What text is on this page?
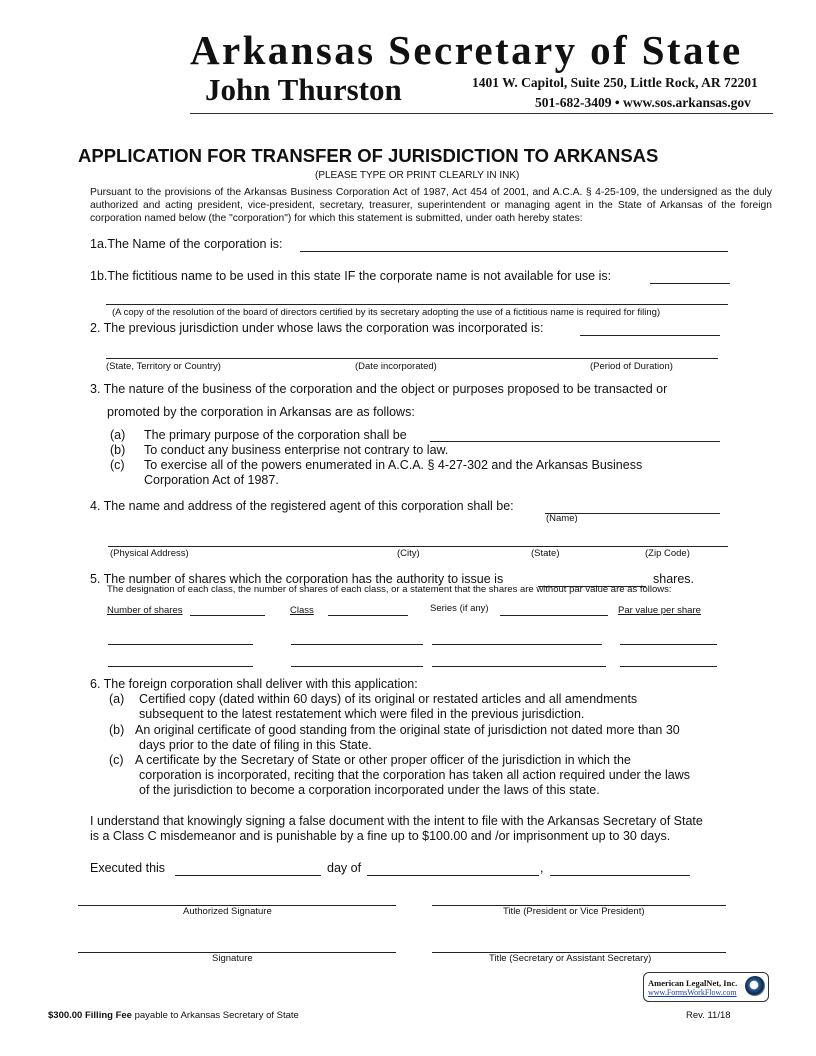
Arkansas Secretary of State
John Thurston	1401 W. Capitol, Suite 250, Little Rock, AR 72201
501-682-3409 • www.sos.arkansas.gov
APPLICATION FOR TRANSFER OF JURISDICTION TO ARKANSAS
(PLEASE TYPE OR PRINT CLEARLY IN INK)

Pursuant to the provisions of the Arkansas Business Corporation Act of 1987, Act 454 of 2001, and A.C.A. § 4-25-109, the undersigned as the duly authorized and acting president, vice-president, secretary, treasurer, superintendent or managing agent in the State of Arkansas of the foreign corporation named below (the "corporation") for which this statement is submitted, under oath hereby states:

1a.The Name of the corporation is:
1b.The fictitious name to be used in this state IF the corporate name is not available for use is:
(A copy of the resolution of the board of directors certified by its secretary adopting the use of a fictitious name is required for filing)
2. The previous jurisdiction under whose laws the corporation was incorporated is:
(State, Territory or Country)	(Date incorporated)	(Period of Duration)
3. The nature of the business of the corporation and the object or purposes proposed to be transacted or
promoted by the corporation in Arkansas are as follows:
(a) The primary purpose of the corporation shall be
(b) To conduct any business enterprise not contrary to law.
(c) To exercise all of the powers enumerated in A.C.A. § 4-27-302 and the Arkansas Business
Corporation Act of 1987.
4. The name and address of the registered agent of this corporation shall be:
(Name)
(Physical Address)	(City)	(State)	(Zip Code)
5. The number of shares which the corporation has the authority to issue is	shares.
The designation of each class, the number of shares of each class, or a statement that the shares are without par value are as follows:
Number of shares	Class	Series (if any)	Par value per share
6. The foreign corporation shall deliver with this application:
(a) Certified copy (dated within 60 days) of its original or restated articles and all amendments
subsequent to the latest restatement which were filed in the previous jurisdiction.
(b) An original certificate of good standing from the original state of jurisdiction not dated more than 30
days prior to the date of filing in this State.
(c) A certificate by the Secretary of State or other proper officer of the jurisdiction in which the
corporation is incorporated, reciting that the corporation has taken all action required under the laws
of the jurisdiction to become a corporation incorporated under the laws of this state.
I understand that knowingly signing a false document with the intent to file with the Arkansas Secretary of State
is a Class C misdemeanor and is punishable by a fine up to $100.00 and /or imprisonment up to 30 days.
Executed this	day of	,
Authorized Signature	Title (President or Vice President)
Signature	Title (Secretary or Assistant Secretary)
American LegalNet, Inc.
www.FormsWorkFlow.com
$300.00 Filling Fee payable to Arkansas Secretary of State	Rev. 11/18
